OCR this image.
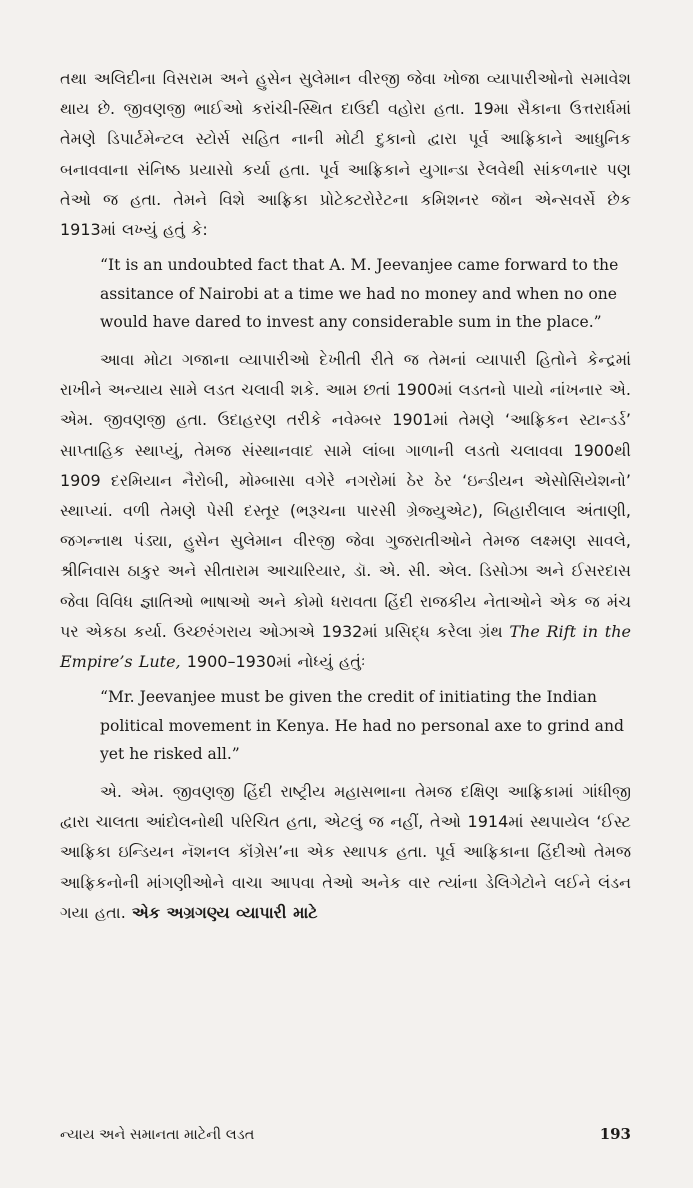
તથા અલિદીના વિસરામ અને હુસેન સુલેમાન વીરજી જેવા ખોજા વ્યાપારીઓનો સમાવેશ થાય છે. જીવણજી ભાઈઓ કરાંચી-સ્થિત દાઉદી વહોરા હતા. 19મા સૈકાના ઉત્તરાર્ધમાં તેમણે ડિપાર્ટમેન્ટલ સ્ટોર્સ સહિત નાની મોટી દુકાનો દ્વારા પૂર્વ આફ્રિકાને આધુનિક બનાવવાના સંનિષ્ઠ પ્રયાસો કર્યા હતા. પૂર્વ આફ્રિકાને યુગાન્ડા રેલવેથી સાંકળનાર પણ તેઓ જ હતા. તેમને વિશે આફ્રિકા પ્રોટેક્ટરોરેટના કમિશનર જૉન એન્સવર્સે છેક 1913માં લખ્યું હતું કે:

“It is an undoubted fact that A. M. Jeevanjee came forward to the assitance of Nairobi at a time we had no money and when no one would have dared to invest any considerable sum in the place.”

આવા મોટા ગજાના વ્યાપારીઓ દેખીતી રીતે જ તેમનાં વ્યાપારી હિતોને કેન્દ્રમાં રાખીને અન્યાય સામે લડત ચલાવી શકે. આમ છતાં 1900માં લડતનો પાયો નાંખનાર એ. એમ. જીવણજી હતા. ઉદાહરણ તરીકે નવેમ્બર 1901માં તેમણે ‘આફ્રિકન સ્ટાન્ડર્ડ’ સાપ્તાહિક સ્થાપ્યું, તેમજ સંસ્થાનવાદ સામે લાંબા ગાળાની લડતો ચલાવવા 1900થી 1909 દરમિયાન નૈરોબી, મોમ્બાસા વગેરે નગરોમાં ઠેર ઠેર ‘ઇન્ડીયન એસોસિયેશનો’ સ્થાપ્યાં. વળી તેમણે પેસી દસ્તૂર (ભરૂચના પારસી ગ્રેજ્યુએટ), બિહારીલાલ અંતાણી, જગન્નાથ પંડ્યા, હુસેન સુલેમાન વીરજી જેવા ગુજરાતીઓને તેમજ લક્ષ્મણ સાવલે, શ્રીનિવાસ ઠાકુર અને સીતારામ આચારિયાર, ડૉ. એ. સી. એલ. ડિસોઝા અને ઈસરદાસ જેવા વિવિધ જ્ઞાતિઓ ભાષાઓ અને કોમો ધરાવતા હિંદી રાજકીય નેતાઓને એક જ મંચ પર એકઠા કર્યા. ઉચ્છરંગરાય ઓઝાએ 1932માં પ્રસિદ્ધ કરેલા ગ્રંથ The Rift in the Empire’s Lute, 1900–1930માં નોધ્યું હતુંઃ

“Mr. Jeevanjee must be given the credit of initiating the Indian political movement in Kenya. He had no personal axe to grind and yet he risked all.”

એ. એમ. જીવણજી હિંદી રાષ્ટ્રીય મહાસભાના તેમજ દક્ષિણ આફ્રિકામાં ગાંધીજી દ્વારા ચાલતા આંદોલનોથી પરિચિત હતા, એટલું જ નહીં, તેઓ 1914માં સ્થપાયેલ ‘ઈસ્ટ આફ્રિકા ઇન્ડિયન નૅશનલ કૉંગ્રેસ’ના એક સ્થાપક હતા. પૂર્વ આફ્રિકાના હિંદીઓ તેમજ આફ્રિકનોની માંગણીઓને વાચા આપવા તેઓ અનેક વાર ત્યાંના ડેલિગેટોને લઈને લંડન ગયા હતા. એક અગ્રગણ્ય વ્યાપારી માટે

ન્યાય અને સમાનતા માટેની લડત	193
